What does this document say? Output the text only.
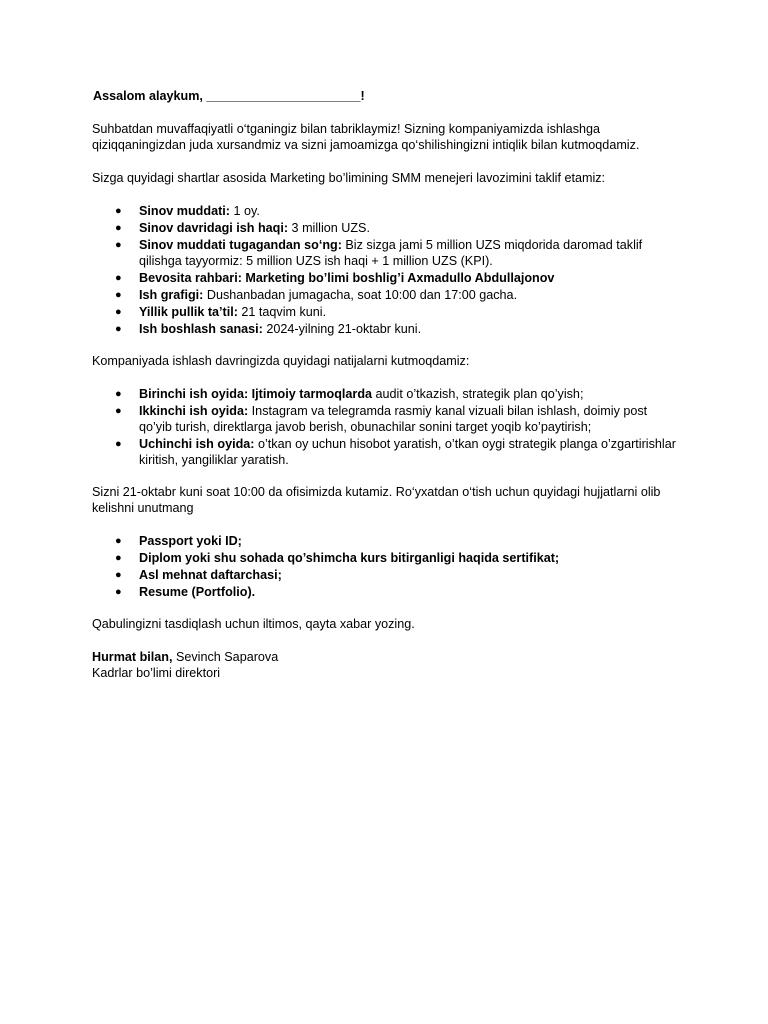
Assalom alaykum, ______________________!

Suhbatdan muvaffaqiyatli o‘tganingiz bilan tabriklaymiz! Sizning kompaniyamizda ishlashga qiziqqaningizdan juda xursandmiz va sizni jamoamizga qo‘shilishingizni intiqlik bilan kutmoqdamiz.

Sizga quyidagi shartlar asosida Marketing bo’limining SMM menejeri lavozimini taklif etamiz:

● Sinov muddati: 1 oy.
● Sinov davridagi ish haqi: 3 million UZS.
● Sinov muddati tugagandan so‘ng: Biz sizga jami 5 million UZS miqdorida daromad taklif qilishga tayyormiz: 5 million UZS ish haqi + 1 million UZS (KPI).
● Bevosita rahbari: Marketing bo’limi boshlig’i Axmadullo Abdullajonov
● Ish grafigi: Dushanbadan jumagacha, soat 10:00 dan 17:00 gacha.
● Yillik pullik ta’til: 21 taqvim kuni.
● Ish boshlash sanasi: 2024-yilning 21-oktabr kuni.

Kompaniyada ishlash davringizda quyidagi natijalarni kutmoqdamiz:

● Birinchi ish oyida: Ijtimoiy tarmoqlarda audit o’tkazish, strategik plan qo’yish;
● Ikkinchi ish oyida: Instagram va telegramda rasmiy kanal vizuali bilan ishlash, doimiy post qo’yib turish, direktlarga javob berish, obunachilar sonini target yoqib ko’paytirish;
● Uchinchi ish oyida: o’tkan oy uchun hisobot yaratish, o’tkan oygi strategik planga o’zgartirishlar kiritish, yangiliklar yaratish.

Sizni 21-oktabr kuni soat 10:00 da ofisimizda kutamiz. Ro‘yxatdan o‘tish uchun quyidagi hujjatlarni olib kelishni unutmang

● Passport yoki ID;
● Diplom yoki shu sohada qo’shimcha kurs bitirganligi haqida sertifikat;
● Asl mehnat daftarchasi;
● Resume (Portfolio).

Qabulingizni tasdiqlash uchun iltimos, qayta xabar yozing.

Hurmat bilan, Sevinch Saparova
Kadrlar bo’limi direktori
